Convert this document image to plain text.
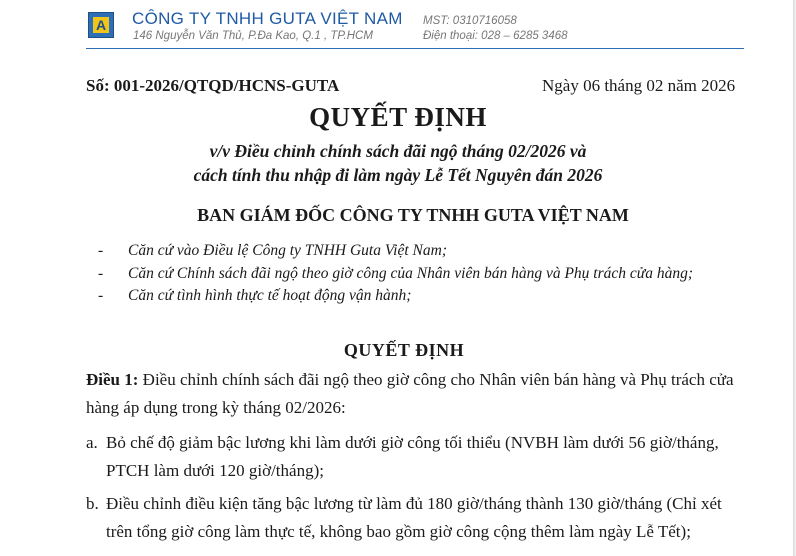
A CÔNG TY TNHH GUTA VIỆT NAM
146 Nguyễn Văn Thủ, P.Đa Kao, Q.1 , TP.HCM
MST: 0310716058
Điện thoại: 028 – 6285 3468
Số: 001-2026/QTQD/HCNS-GUTA	Ngày 06 tháng 02 năm 2026
QUYẾT ĐỊNH
v/v Điều chỉnh chính sách đãi ngộ tháng 02/2026 và
cách tính thu nhập đi làm ngày Lễ Tết Nguyên đán 2026
BAN GIÁM ĐỐC CÔNG TY TNHH GUTA VIỆT NAM
- Căn cứ vào Điều lệ Công ty TNHH Guta Việt Nam;
- Căn cứ Chính sách đãi ngộ theo giờ công của Nhân viên bán hàng và Phụ trách cửa hàng;
- Căn cứ tình hình thực tế hoạt động vận hành;
QUYẾT ĐỊNH
Điều 1: Điều chỉnh chính sách đãi ngộ theo giờ công cho Nhân viên bán hàng và Phụ trách cửa
hàng áp dụng trong kỳ tháng 02/2026:
a. Bỏ chế độ giảm bậc lương khi làm dưới giờ công tối thiểu (NVBH làm dưới 56 giờ/tháng,
PTCH làm dưới 120 giờ/tháng);
b. Điều chỉnh điều kiện tăng bậc lương từ làm đủ 180 giờ/tháng thành 130 giờ/tháng (Chỉ xét
trên tổng giờ công làm thực tế, không bao gồm giờ công cộng thêm làm ngày Lễ Tết);
